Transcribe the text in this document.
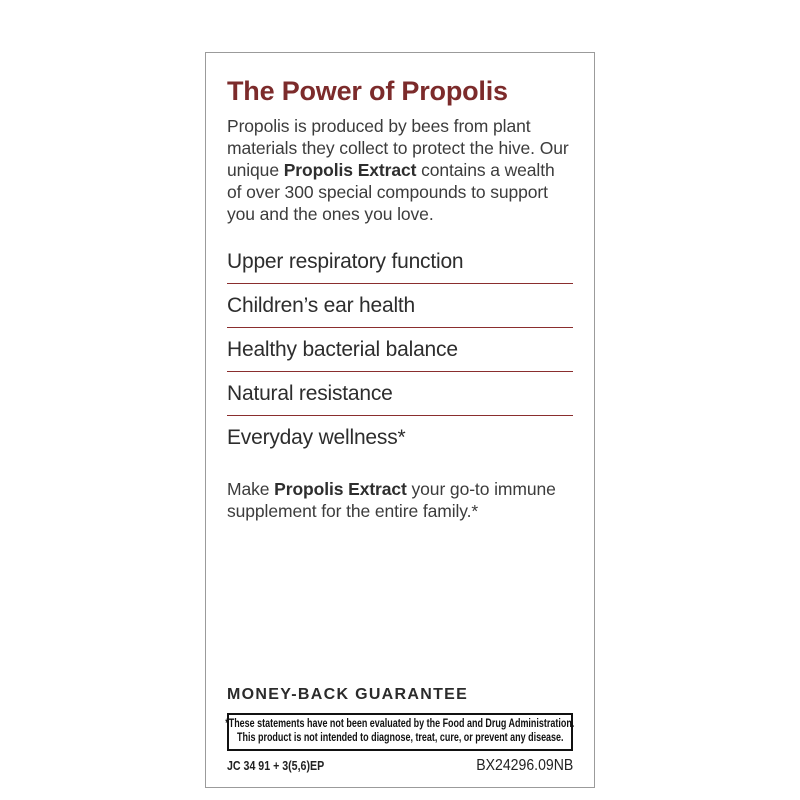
The Power of Propolis
Propolis is produced by bees from plant materials they collect to protect the hive. Our unique Propolis Extract contains a wealth of over 300 special compounds to support you and the ones you love.
Upper respiratory function
Children’s ear health
Healthy bacterial balance
Natural resistance
Everyday wellness*
Make Propolis Extract your go-to immune supplement for the entire family.*
MONEY-BACK GUARANTEE
*These statements have not been evaluated by the Food and Drug Administration.
This product is not intended to diagnose, treat, cure, or prevent any disease.
JC 34 91 + 3(5,6)EP	BX24296.09NB
